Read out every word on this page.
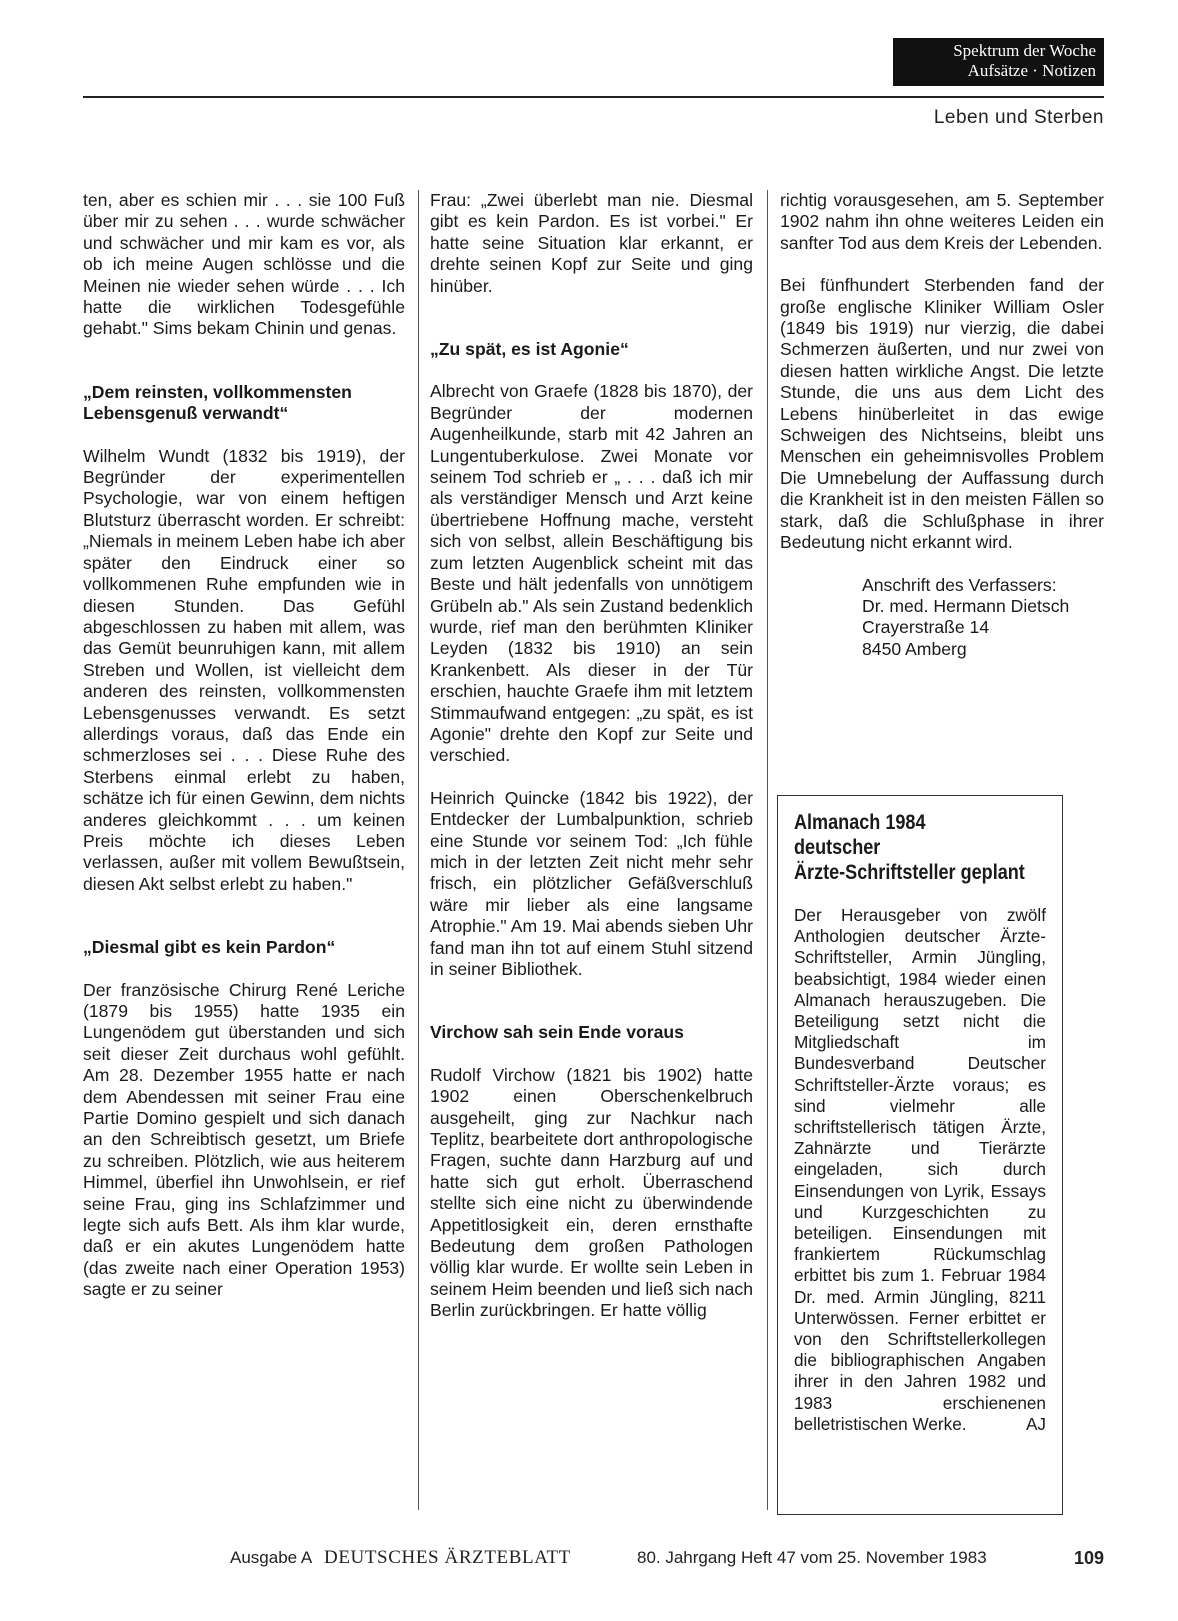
Spektrum der Woche
Aufsätze · Notizen
Leben und Sterben

ten, aber es schien mir . . . sie 100 Fuß über mir zu sehen . . . wurde schwächer und schwächer und mir kam es vor, als ob ich meine Augen schlösse und die Meinen nie wieder sehen würde . . . Ich hatte die wirklichen Todesgefühle gehabt." Sims bekam Chinin und genas.

„Dem reinsten, vollkommensten Lebensgenuß verwandt“

Wilhelm Wundt (1832 bis 1919), der Begründer der experimentellen Psychologie, war von einem heftigen Blutsturz überrascht worden. Er schreibt: „Niemals in meinem Leben habe ich aber später den Eindruck einer so vollkommenen Ruhe empfunden wie in diesen Stunden. Das Gefühl abgeschlossen zu haben mit allem, was das Gemüt beunruhigen kann, mit allem Streben und Wollen, ist vielleicht dem anderen des reinsten, vollkommensten Lebensgenusses verwandt. Es setzt allerdings voraus, daß das Ende ein schmerzloses sei . . . Diese Ruhe des Sterbens einmal erlebt zu haben, schätze ich für einen Gewinn, dem nichts anderes gleichkommt . . . um keinen Preis möchte ich dieses Leben verlassen, außer mit vollem Bewußtsein, diesen Akt selbst erlebt zu haben."

„Diesmal gibt es kein Pardon“

Der französische Chirurg René Leriche (1879 bis 1955) hatte 1935 ein Lungenödem gut überstanden und sich seit dieser Zeit durchaus wohl gefühlt. Am 28. Dezember 1955 hatte er nach dem Abendessen mit seiner Frau eine Partie Domino gespielt und sich danach an den Schreibtisch gesetzt, um Briefe zu schreiben. Plötzlich, wie aus heiterem Himmel, überfiel ihn Unwohlsein, er rief seine Frau, ging ins Schlafzimmer und legte sich aufs Bett. Als ihm klar wurde, daß er ein akutes Lungenödem hatte (das zweite nach einer Operation 1953) sagte er zu seiner

Frau: „Zwei überlebt man nie. Diesmal gibt es kein Pardon. Es ist vorbei." Er hatte seine Situation klar erkannt, er drehte seinen Kopf zur Seite und ging hinüber.

„Zu spät, es ist Agonie“

Albrecht von Graefe (1828 bis 1870), der Begründer der modernen Augenheilkunde, starb mit 42 Jahren an Lungentuberkulose. Zwei Monate vor seinem Tod schrieb er „ . . . daß ich mir als verständiger Mensch und Arzt keine übertriebene Hoffnung mache, versteht sich von selbst, allein Beschäftigung bis zum letzten Augenblick scheint mit das Beste und hält jedenfalls von unnötigem Grübeln ab." Als sein Zustand bedenklich wurde, rief man den berühmten Kliniker Leyden (1832 bis 1910) an sein Krankenbett. Als dieser in der Tür erschien, hauchte Graefe ihm mit letztem Stimmaufwand entgegen: „zu spät, es ist Agonie" drehte den Kopf zur Seite und verschied.

Heinrich Quincke (1842 bis 1922), der Entdecker der Lumbalpunktion, schrieb eine Stunde vor seinem Tod: „Ich fühle mich in der letzten Zeit nicht mehr sehr frisch, ein plötzlicher Gefäßverschluß wäre mir lieber als eine langsame Atrophie." Am 19. Mai abends sieben Uhr fand man ihn tot auf einem Stuhl sitzend in seiner Bibliothek.

Virchow sah sein Ende voraus

Rudolf Virchow (1821 bis 1902) hatte 1902 einen Oberschenkelbruch ausgeheilt, ging zur Nachkur nach Teplitz, bearbeitete dort anthropologische Fragen, suchte dann Harzburg auf und hatte sich gut erholt. Überraschend stellte sich eine nicht zu überwindende Appetitlosigkeit ein, deren ernsthafte Bedeutung dem großen Pathologen völlig klar wurde. Er wollte sein Leben in seinem Heim beenden und ließ sich nach Berlin zurückbringen. Er hatte völlig

richtig vorausgesehen, am 5. September 1902 nahm ihn ohne weiteres Leiden ein sanfter Tod aus dem Kreis der Lebenden.

Bei fünfhundert Sterbenden fand der große englische Kliniker William Osler (1849 bis 1919) nur vierzig, die dabei Schmerzen äußerten, und nur zwei von diesen hatten wirkliche Angst. Die letzte Stunde, die uns aus dem Licht des Lebens hinüberleitet in das ewige Schweigen des Nichtseins, bleibt uns Menschen ein geheimnisvolles Problem Die Umnebelung der Auffassung durch die Krankheit ist in den meisten Fällen so stark, daß die Schlußphase in ihrer Bedeutung nicht erkannt wird.

Anschrift des Verfassers:
Dr. med. Hermann Dietsch
Crayerstraße 14
8450 Amberg
Almanach 1984
deutscher
Ärzte-Schriftsteller geplant

Der Herausgeber von zwölf Anthologien deutscher Ärzte-Schriftsteller, Armin Jüngling, beabsichtigt, 1984 wieder einen Almanach herauszugeben. Die Beteiligung setzt nicht die Mitgliedschaft im Bundesverband Deutscher Schriftsteller-Ärzte voraus; es sind vielmehr alle schriftstellerisch tätigen Ärzte, Zahnärzte und Tierärzte eingeladen, sich durch Einsendungen von Lyrik, Essays und Kurzgeschichten zu beteiligen. Einsendungen mit frankiertem Rückumschlag erbittet bis zum 1. Februar 1984 Dr. med. Armin Jüngling, 8211 Unterwössen. Ferner erbittet er von den Schriftstellerkollegen die bibliographischen Angaben ihrer in den Jahren 1982 und 1983 erschienenen belletristischen Werke.	AJ

Ausgabe A DEUTSCHES ÄRZTEBLATT	80. Jahrgang Heft 47 vom 25. November 1983	109
